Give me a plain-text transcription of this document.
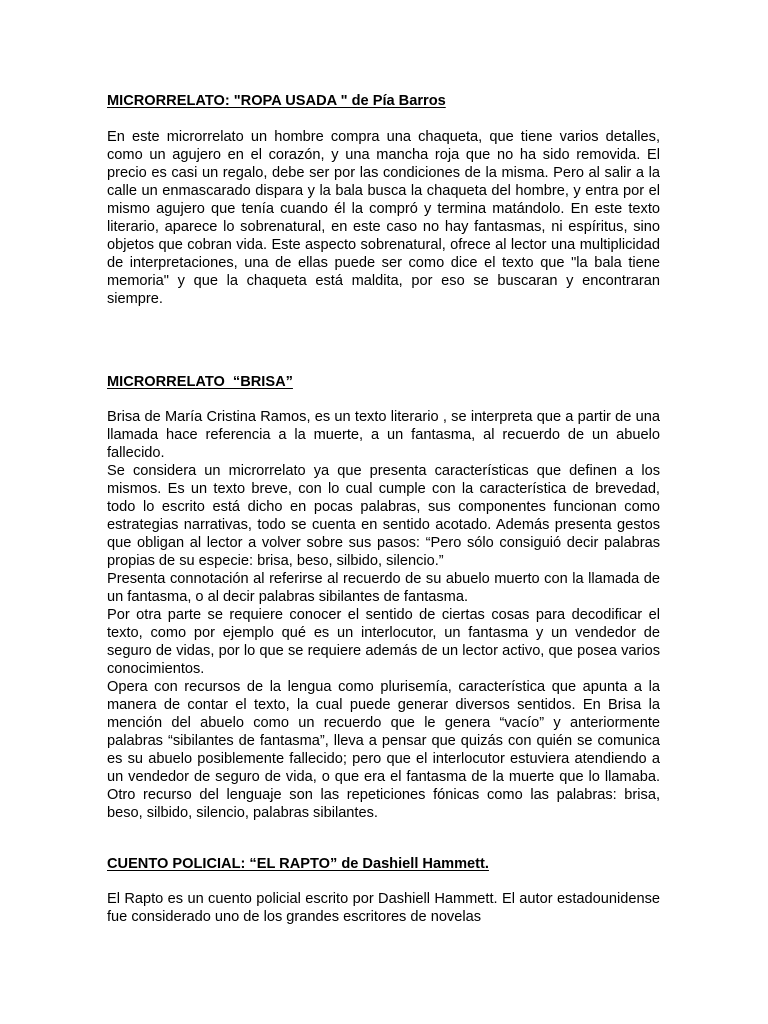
MICRORRELATO: "ROPA USADA " de Pía Barros

En este microrrelato un hombre compra una chaqueta, que tiene varios detalles, como un agujero en el corazón, y una mancha roja que no ha sido removida. El precio es casi un regalo, debe ser por las condiciones de la misma. Pero al salir a la calle un enmascarado dispara y la bala busca la chaqueta del hombre, y entra por el mismo agujero que tenía cuando él la compró y termina matándolo. En este texto literario, aparece lo sobrenatural, en este caso no hay fantasmas, ni espíritus, sino objetos que cobran vida. Este aspecto sobrenatural, ofrece al lector una multiplicidad de interpretaciones, una de ellas puede ser como dice el texto que "la bala tiene memoria" y que la chaqueta está maldita, por eso se buscaran y encontraran siempre.

MICRORRELATO  “BRISA”

Brisa de María Cristina Ramos, es un texto literario , se interpreta que a partir de una llamada hace referencia a la muerte, a un fantasma, al recuerdo de un abuelo fallecido.

Se considera un microrrelato ya que presenta características que definen a los mismos. Es un texto breve, con lo cual cumple con la característica de brevedad, todo lo escrito está dicho en pocas palabras, sus componentes funcionan como estrategias narrativas, todo se cuenta en sentido acotado. Además presenta gestos que obligan al lector a volver sobre sus pasos: “Pero sólo consiguió decir palabras propias de su especie: brisa, beso, silbido, silencio.”

Presenta connotación al referirse al recuerdo de su abuelo muerto con la llamada de un fantasma, o al decir palabras sibilantes de fantasma.

Por otra parte se requiere conocer el sentido de ciertas cosas para decodificar el texto, como por ejemplo qué es un interlocutor, un fantasma y un vendedor de seguro de vidas, por lo que se requiere además de un lector activo, que posea varios conocimientos.

Opera con recursos de la lengua como plurisemía, característica que apunta a la manera de contar el texto, la cual puede generar diversos sentidos. En Brisa la mención del abuelo como un recuerdo que le genera “vacío” y anteriormente palabras “sibilantes de fantasma”, lleva a pensar que quizás con quién se comunica es su abuelo posiblemente fallecido; pero que el interlocutor estuviera atendiendo a un vendedor de seguro de vida, o que era el fantasma de la muerte que lo llamaba. Otro recurso del lenguaje son las repeticiones fónicas como las palabras: brisa, beso, silbido, silencio, palabras sibilantes.

CUENTO POLICIAL: “EL RAPTO” de Dashiell Hammett.

El Rapto es un cuento policial escrito por Dashiell Hammett. El autor estadounidense fue considerado uno de los grandes escritores de novelas
